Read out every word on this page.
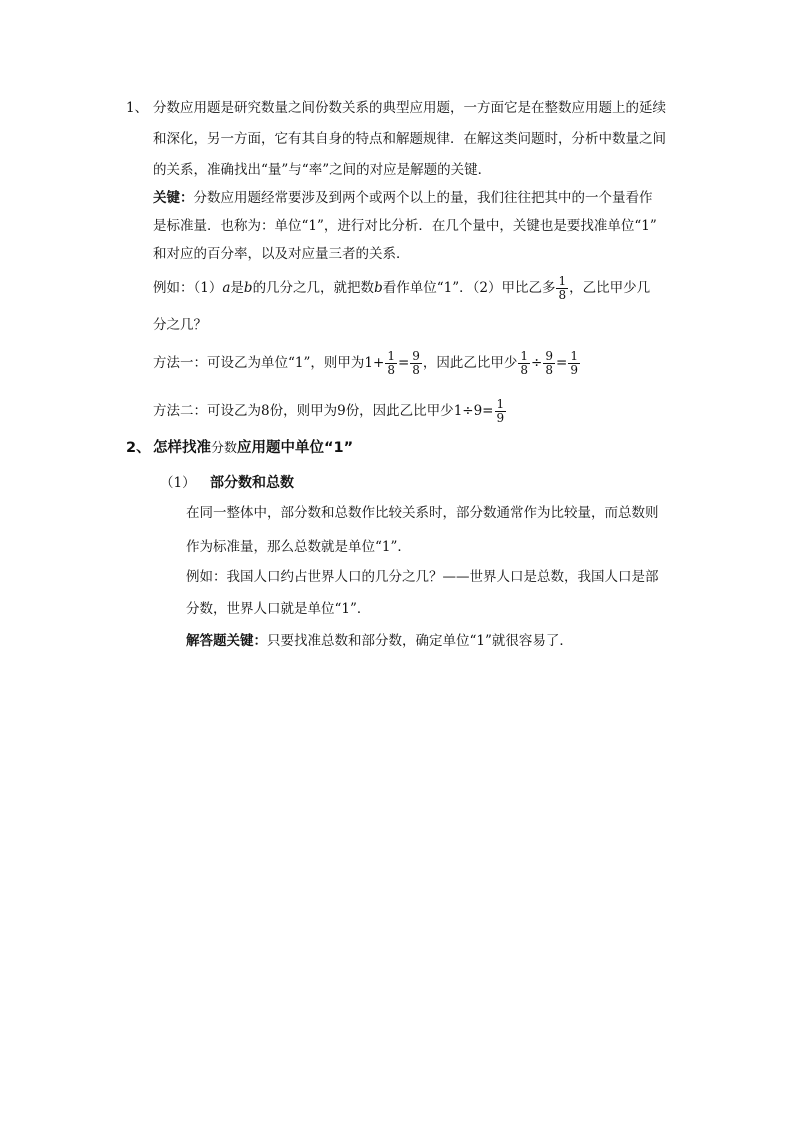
1、 分数应用题是研究数量之间份数关系的典型应用题，一方面它是在整数应用题上的延续
和深化，另一方面，它有其自身的特点和解题规律．在解这类问题时，分析中数量之间
的关系，准确找出“量”与“率”之间的对应是解题的关键．
关键：分数应用题经常要涉及到两个或两个以上的量，我们往往把其中的一个量看作
是标准量．也称为：单位“1”，进行对比分析．在几个量中，关键也是要找准单位“1”
和对应的百分率，以及对应量三者的关系．
例如：（1）a是b的几分之几，就把数b看作单位“1”．（2）甲比乙多 $\frac{1}{8}$ ，乙比甲少几
分之几？
方法一：可设乙为单位“1”，则甲为$1+ \frac{1}{8} = \frac{9}{8}$ ，因此乙比甲少 $\frac{1}{8} \div \frac{9}{8} = \frac{1}{9}$
方法二：可设乙为8份，则甲为9份，因此乙比甲少$1\div 9= \frac{1}{9}$
2、 怎样找准分数应用题中单位“1”
（1） 部分数和总数
在同一整体中，部分数和总数作比较关系时，部分数通常作为比较量，而总数则
作为标准量，那么总数就是单位“1”．
例如：我国人口约占世界人口的几分之几？——世界人口是总数，我国人口是部
分数，世界人口就是单位“1”．
解答题关键：只要找准总数和部分数，确定单位“1”就很容易了．
